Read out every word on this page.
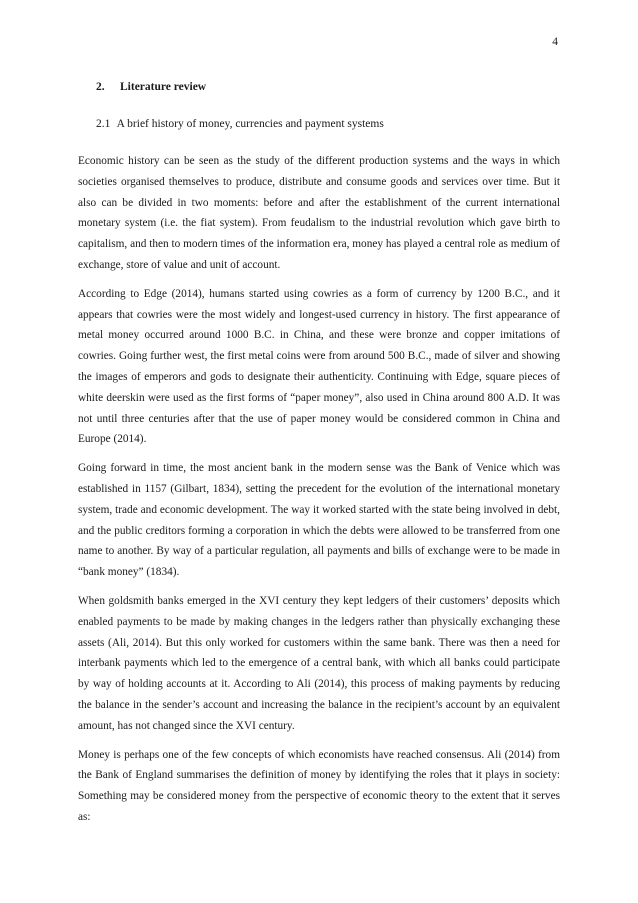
4
2. Literature review
2.1 A brief history of money, currencies and payment systems

Economic history can be seen as the study of the different production systems and the ways in which societies organised themselves to produce, distribute and consume goods and services over time. But it also can be divided in two moments: before and after the establishment of the current international monetary system (i.e. the fiat system). From feudalism to the industrial revolution which gave birth to capitalism, and then to modern times of the information era, money has played a central role as medium of exchange, store of value and unit of account.

According to Edge (2014), humans started using cowries as a form of currency by 1200 B.C., and it appears that cowries were the most widely and longest-used currency in history. The first appearance of metal money occurred around 1000 B.C. in China, and these were bronze and copper imitations of cowries. Going further west, the first metal coins were from around 500 B.C., made of silver and showing the images of emperors and gods to designate their authenticity. Continuing with Edge, square pieces of white deerskin were used as the first forms of “paper money”, also used in China around 800 A.D. It was not until three centuries after that the use of paper money would be considered common in China and Europe (2014).

Going forward in time, the most ancient bank in the modern sense was the Bank of Venice which was established in 1157 (Gilbart, 1834), setting the precedent for the evolution of the international monetary system, trade and economic development. The way it worked started with the state being involved in debt, and the public creditors forming a corporation in which the debts were allowed to be transferred from one name to another. By way of a particular regulation, all payments and bills of exchange were to be made in “bank money” (1834).

When goldsmith banks emerged in the XVI century they kept ledgers of their customers’ deposits which enabled payments to be made by making changes in the ledgers rather than physically exchanging these assets (Ali, 2014). But this only worked for customers within the same bank. There was then a need for interbank payments which led to the emergence of a central bank, with which all banks could participate by way of holding accounts at it. According to Ali (2014), this process of making payments by reducing the balance in the sender’s account and increasing the balance in the recipient’s account by an equivalent amount, has not changed since the XVI century.

Money is perhaps one of the few concepts of which economists have reached consensus. Ali (2014) from the Bank of England summarises the definition of money by identifying the roles that it plays in society: Something may be considered money from the perspective of economic theory to the extent that it serves as:
